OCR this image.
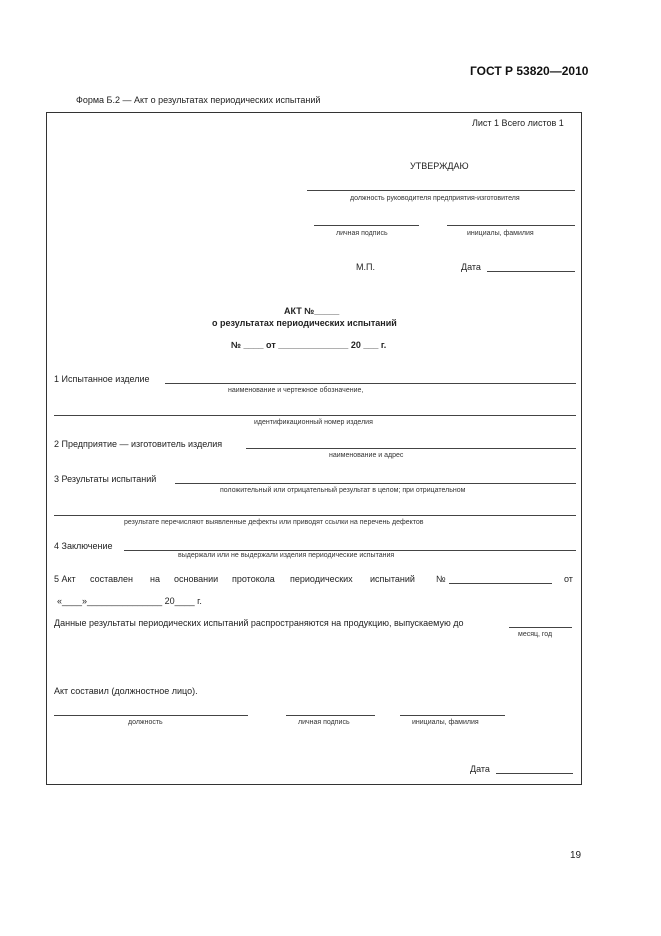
ГОСТ Р 53820—2010
Форма Б.2 — Акт о результатах периодических испытаний
Лист 1 Всего листов 1
УТВЕРЖДАЮ
должность руководителя предприятия-изготовителя
личная подпись	инициалы, фамилия
М.П.	Дата
АКТ №_____
о результатах периодических испытаний
№ ____ от ______________ 20 ___ г.
1 Испытанное изделие
наименование и чертежное обозначение,
идентификационный номер изделия
2 Предприятие — изготовитель изделия
наименование и адрес
3 Результаты испытаний
положительный или отрицательный результат в целом; при отрицательном
результате перечисляют выявленные дефекты или приводят ссылки на перечень дефектов
4 Заключение
выдержали или не выдержали изделия периодические испытания
5 Акт составлен на основании протокола периодических испытаний №	от
«____»_______________ 20____ г.
Данные результаты периодических испытаний распространяются на продукцию, выпускаемую до
месяц, год
Акт составил (должностное лицо).
должность	личная подпись	инициалы, фамилия
Дата
19
